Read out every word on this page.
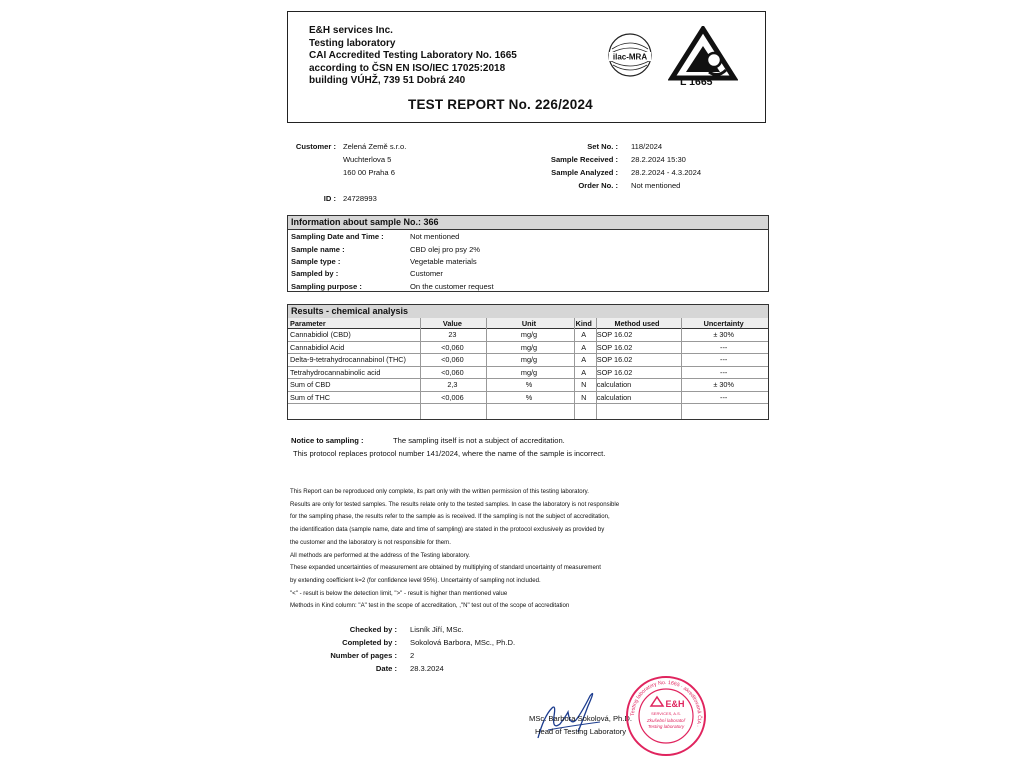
E&H services Inc.
Testing laboratory
CAI Accredited Testing Laboratory No. 1665
according to ČSN EN ISO/IEC 17025:2018
building VÚHŽ, 739 51 Dobrá 240
TEST REPORT No. 226/2024
ilac-MRA
L 1665
Customer : Zelená Země s.r.o.
Wuchterlova 5
160 00 Praha 6
ID : 24728993
Set No. : 118/2024
Sample Received : 28.2.2024 15:30
Sample Analyzed : 28.2.2024 - 4.3.2024
Order No. : Not mentioned
Information about sample No.: 366
Sampling Date and Time :	Not mentioned
Sample name :	CBD olej pro psy 2%
Sample type :	Vegetable materials
Sampled by :	Customer
Sampling purpose :	On the customer request
Results - chemical analysis
Parameter	Value	Unit	Kind	Method used	Uncertainty
Cannabidiol (CBD)	23	mg/g	A	SOP 16.02	± 30%
Cannabidiol Acid	<0,060	mg/g	A	SOP 16.02	---
Delta-9-tetrahydrocannabinol (THC)	<0,060	mg/g	A	SOP 16.02	---
Tetrahydrocannabinolic acid	<0,060	mg/g	A	SOP 16.02	---
Sum of CBD	2,3	%	N	calculation	± 30%
Sum of THC	<0,006	%	N	calculation	---
Notice to sampling :	The sampling itself is not a subject of accreditation.
This protocol replaces protocol number 141/2024, where the name of the sample is incorrect.
This Report can be reproduced only complete, its part only with the written permission of this testing laboratory.
Results are only for tested samples. The results relate only to the tested samples. In case the laboratory is not responsible
for the sampling phase, the results refer to the sample as is received. If the sampling is not the subject of accreditation,
the identification data (sample name, date and time of sampling) are stated in the protocol exclusively as provided by
the customer and the laboratory is not responsible for them.
All methods are performed at the address of the Testing laboratory.
These expanded uncertainties of measurement are obtained by multiplying of standard uncertainty of measurement
by extending coefficient k=2 (for confidence level 95%). Uncertainty of sampling not included.
"<" - result is below the detection limit, ">" - result is higher than mentioned value
Methods in Kind column: "A" test in the scope of accreditation, ,"N" test out of the scope of accreditation
Checked by : Lisník Jiří, MSc.
Completed by : Sokolová Barbora, MSc., Ph.D.
Number of pages : 2
Date : 28.3.2024
MSc. Barbora Sokolová, Ph.D.
Head of Testing Laboratory
Testing laboratory No. 1665 · akreditovaná ČIA ·
E&H
SERVICES, A.S.
Zkušební laboratoř
Testing laboratory
